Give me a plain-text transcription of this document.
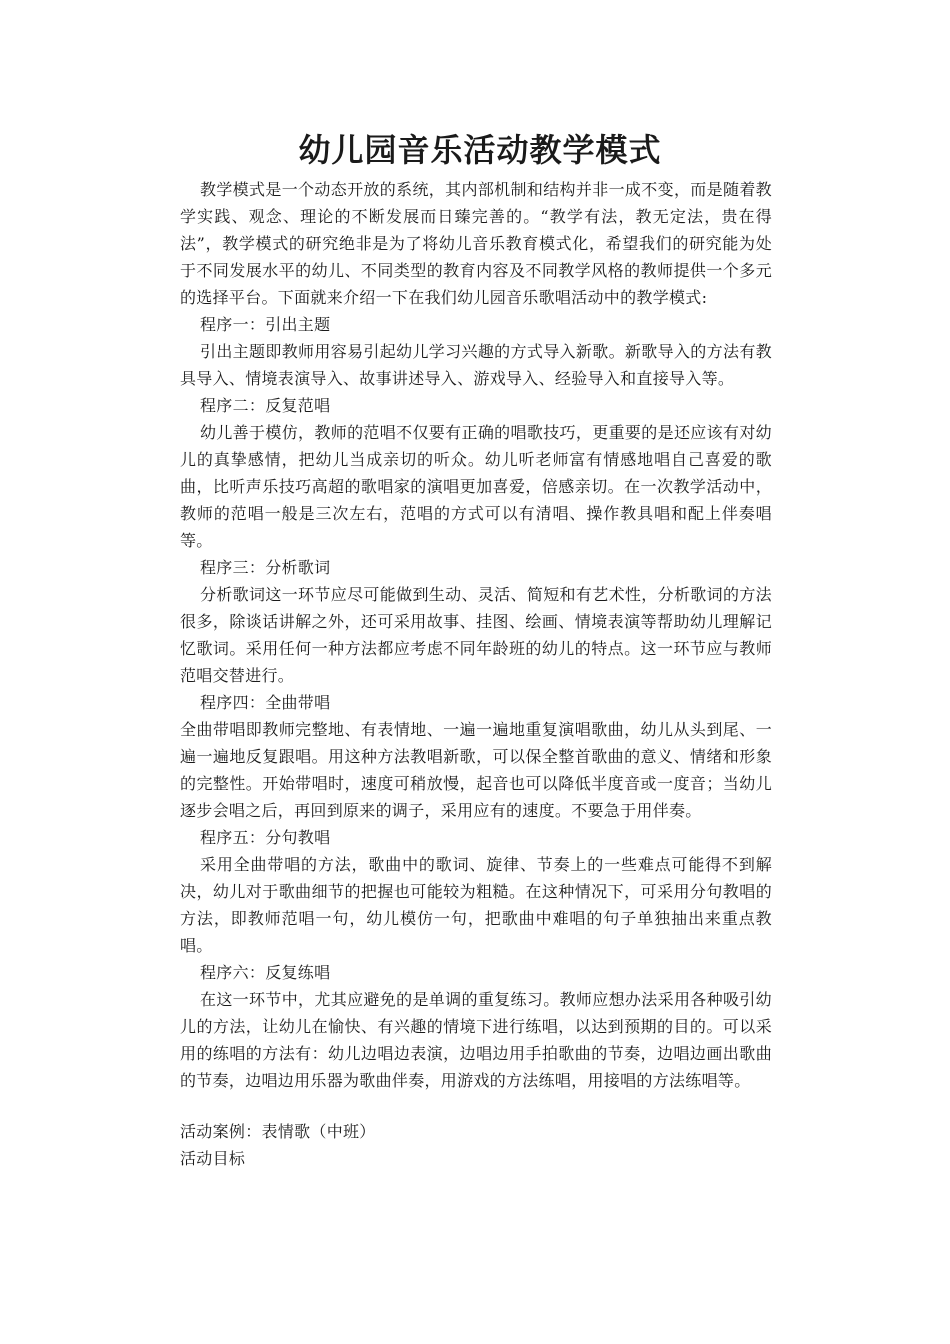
幼儿园音乐活动教学模式

教学模式是一个动态开放的系统，其内部机制和结构并非一成不变，而是随着教学实践、观念、理论的不断发展而日臻完善的。“教学有法，教无定法，贵在得法”，教学模式的研究绝非是为了将幼儿音乐教育模式化，希望我们的研究能为处于不同发展水平的幼儿、不同类型的教育内容及不同教学风格的教师提供一个多元的选择平台。下面就来介绍一下在我们幼儿园音乐歌唱活动中的教学模式:

程序一：引出主题

引出主题即教师用容易引起幼儿学习兴趣的方式导入新歌。新歌导入的方法有教具导入、情境表演导入、故事讲述导入、游戏导入、经验导入和直接导入等。

程序二：反复范唱

幼儿善于模仿，教师的范唱不仅要有正确的唱歌技巧，更重要的是还应该有对幼儿的真挚感情，把幼儿当成亲切的听众。幼儿听老师富有情感地唱自己喜爱的歌曲，比听声乐技巧高超的歌唱家的演唱更加喜爱，倍感亲切。在一次教学活动中，教师的范唱一般是三次左右，范唱的方式可以有清唱、操作教具唱和配上伴奏唱等。

程序三：分析歌词

分析歌词这一环节应尽可能做到生动、灵活、简短和有艺术性，分析歌词的方法很多，除谈话讲解之外，还可采用故事、挂图、绘画、情境表演等帮助幼儿理解记忆歌词。采用任何一种方法都应考虑不同年龄班的幼儿的特点。这一环节应与教师范唱交替进行。

程序四：全曲带唱

全曲带唱即教师完整地、有表情地、一遍一遍地重复演唱歌曲，幼儿从头到尾、一遍一遍地反复跟唱。用这种方法教唱新歌，可以保全整首歌曲的意义、情绪和形象的完整性。开始带唱时，速度可稍放慢，起音也可以降低半度音或一度音；当幼儿逐步会唱之后，再回到原来的调子，采用应有的速度。不要急于用伴奏。

程序五：分句教唱

采用全曲带唱的方法，歌曲中的歌词、旋律、节奏上的一些难点可能得不到解决，幼儿对于歌曲细节的把握也可能较为粗糙。在这种情况下，可采用分句教唱的方法，即教师范唱一句，幼儿模仿一句，把歌曲中难唱的句子单独抽出来重点教唱。

程序六：反复练唱

在这一环节中，尤其应避免的是单调的重复练习。教师应想办法采用各种吸引幼儿的方法，让幼儿在愉快、有兴趣的情境下进行练唱，以达到预期的目的。可以采用的练唱的方法有：幼儿边唱边表演，边唱边用手拍歌曲的节奏，边唱边画出歌曲的节奏，边唱边用乐器为歌曲伴奏，用游戏的方法练唱，用接唱的方法练唱等。

活动案例：表情歌（中班）

活动目标
